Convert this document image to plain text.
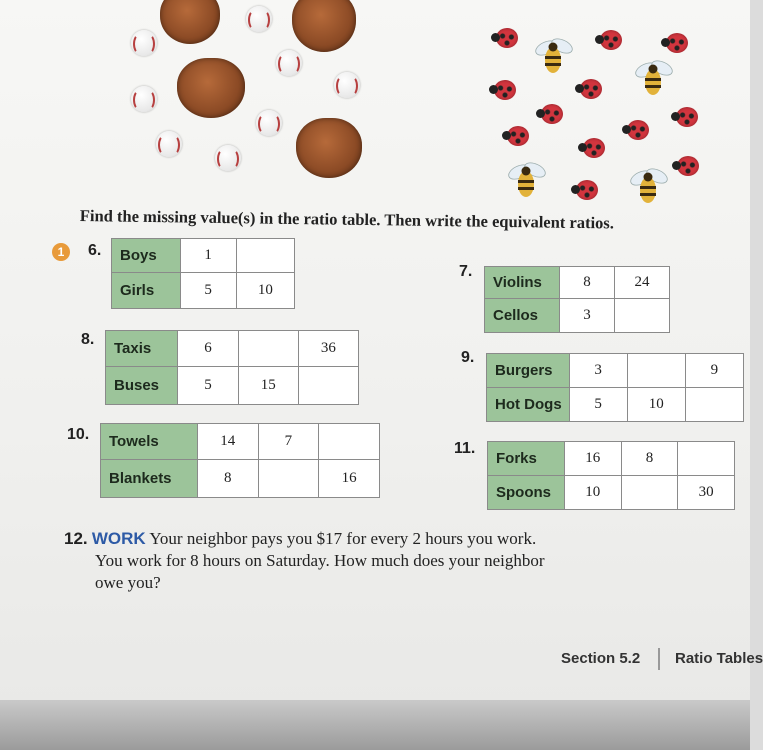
Find the missing value(s) in the ratio table. Then write the equivalent ratios.
1	6. Boys	1	
Girls	5	10
7.
Violins	8	24
Cellos	3	
8.
Taxis	6		36
Buses	5	15	
9.
Burgers	3		9
Hot Dogs	5	10	
10. Towels	14	7	
Blankets	8		16
11.
Forks	16	8	
Spoons	10		30
12. WORK Your neighbor pays you $17 for every 2 hours you work.
You work for 8 hours on Saturday. How much does your neighbor
owe you?
Section 5.2 Ratio Tables
